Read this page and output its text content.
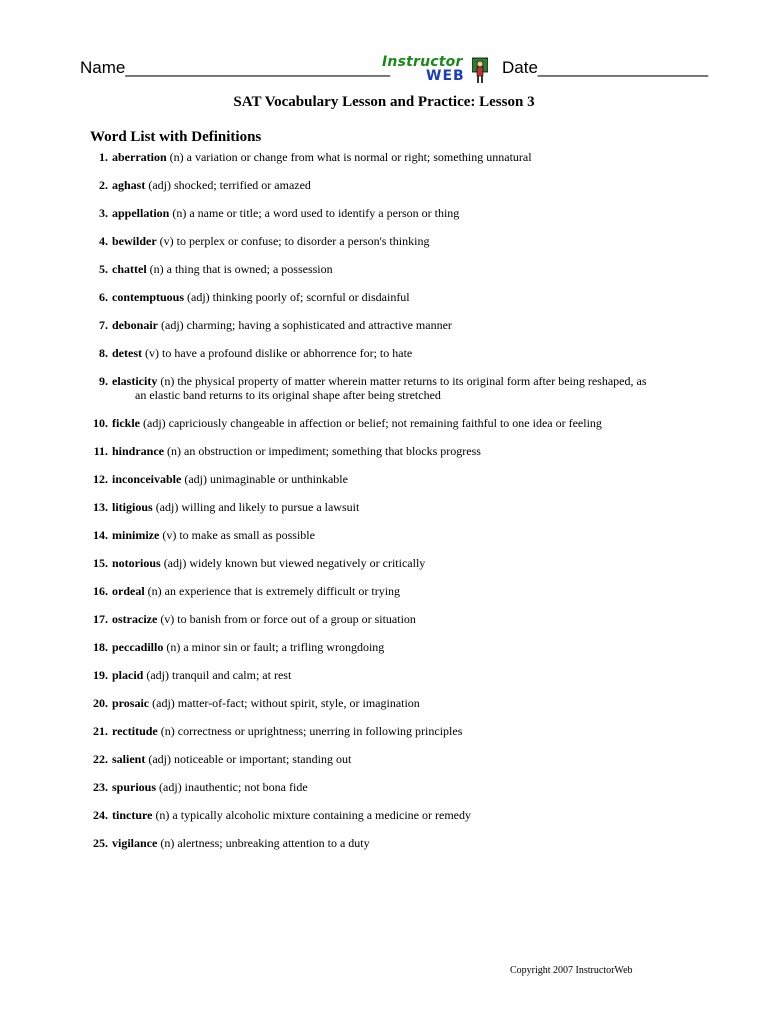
Name____________________________
Instructor
WEB Date__________________
SAT Vocabulary Lesson and Practice: Lesson 3
Word List with Definitions
1. aberration (n) a variation or change from what is normal or right; something unnatural
2. aghast (adj) shocked; terrified or amazed
3. appellation (n) a name or title; a word used to identify a person or thing
4. bewilder (v) to perplex or confuse; to disorder a person's thinking
5. chattel (n) a thing that is owned; a possession
6. contemptuous (adj) thinking poorly of; scornful or disdainful
7. debonair (adj) charming; having a sophisticated and attractive manner
8. detest (v) to have a profound dislike or abhorrence for; to hate
9. elasticity (n) the physical property of matter wherein matter returns to its original form after being reshaped, as
an elastic band returns to its original shape after being stretched
10. fickle (adj) capriciously changeable in affection or belief; not remaining faithful to one idea or feeling
11. hindrance (n) an obstruction or impediment; something that blocks progress
12. inconceivable (adj) unimaginable or unthinkable
13. litigious (adj) willing and likely to pursue a lawsuit
14. minimize (v) to make as small as possible
15. notorious (adj) widely known but viewed negatively or critically
16. ordeal (n) an experience that is extremely difficult or trying
17. ostracize (v) to banish from or force out of a group or situation
18. peccadillo (n) a minor sin or fault; a trifling wrongdoing
19. placid (adj) tranquil and calm; at rest
20. prosaic (adj) matter-of-fact; without spirit, style, or imagination
21. rectitude (n) correctness or uprightness; unerring in following principles
22. salient (adj) noticeable or important; standing out
23. spurious (adj) inauthentic; not bona fide
24. tincture (n) a typically alcoholic mixture containing a medicine or remedy
25. vigilance (n) alertness; unbreaking attention to a duty
Copyright 2007 InstructorWeb
